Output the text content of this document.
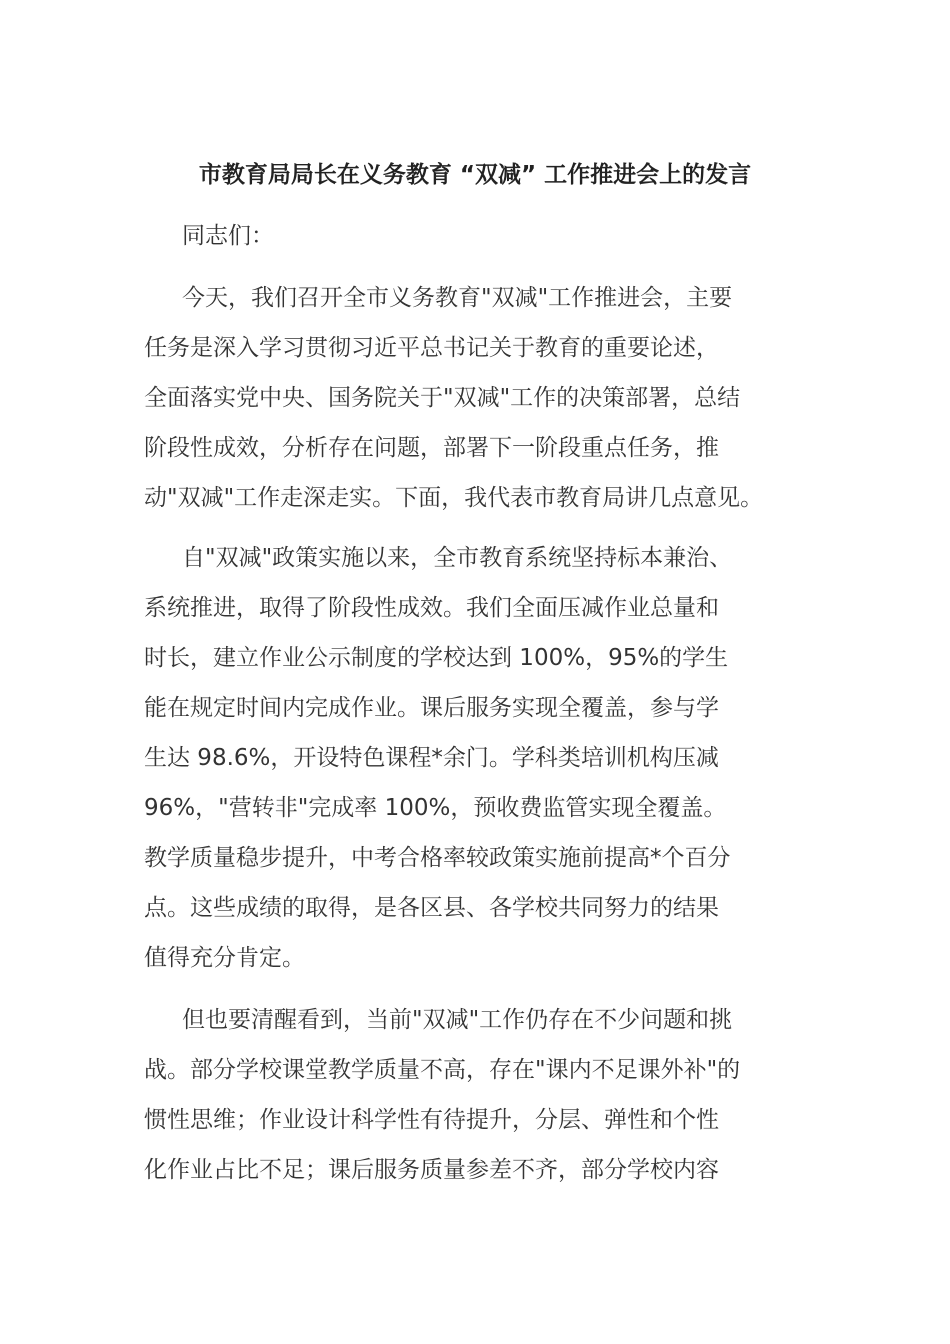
市教育局局长在义务教育 “双减” 工作推进会上的发言

同志们：

今天，我们召开全市义务教育"双减"工作推进会，主要

任务是深入学习贯彻习近平总书记关于教育的重要论述，

全面落实党中央、国务院关于"双减"工作的决策部署，总结

阶段性成效，分析存在问题，部署下一阶段重点任务，推

动"双减"工作走深走实。下面，我代表市教育局讲几点意见。

自"双减"政策实施以来，全市教育系统坚持标本兼治、

系统推进，取得了阶段性成效。我们全面压减作业总量和

时长，建立作业公示制度的学校达到 100%，95%的学生

能在规定时间内完成作业。课后服务实现全覆盖，参与学

生达 98.6%，开设特色课程*余门。学科类培训机构压减

96%，"营转非"完成率 100%，预收费监管实现全覆盖。

教学质量稳步提升，中考合格率较政策实施前提高*个百分

点。这些成绩的取得，是各区县、各学校共同努力的结果

值得充分肯定。

但也要清醒看到，当前"双减"工作仍存在不少问题和挑

战。部分学校课堂教学质量不高，存在"课内不足课外补"的

惯性思维；作业设计科学性有待提升，分层、弹性和个性

化作业占比不足；课后服务质量参差不齐，部分学校内容
